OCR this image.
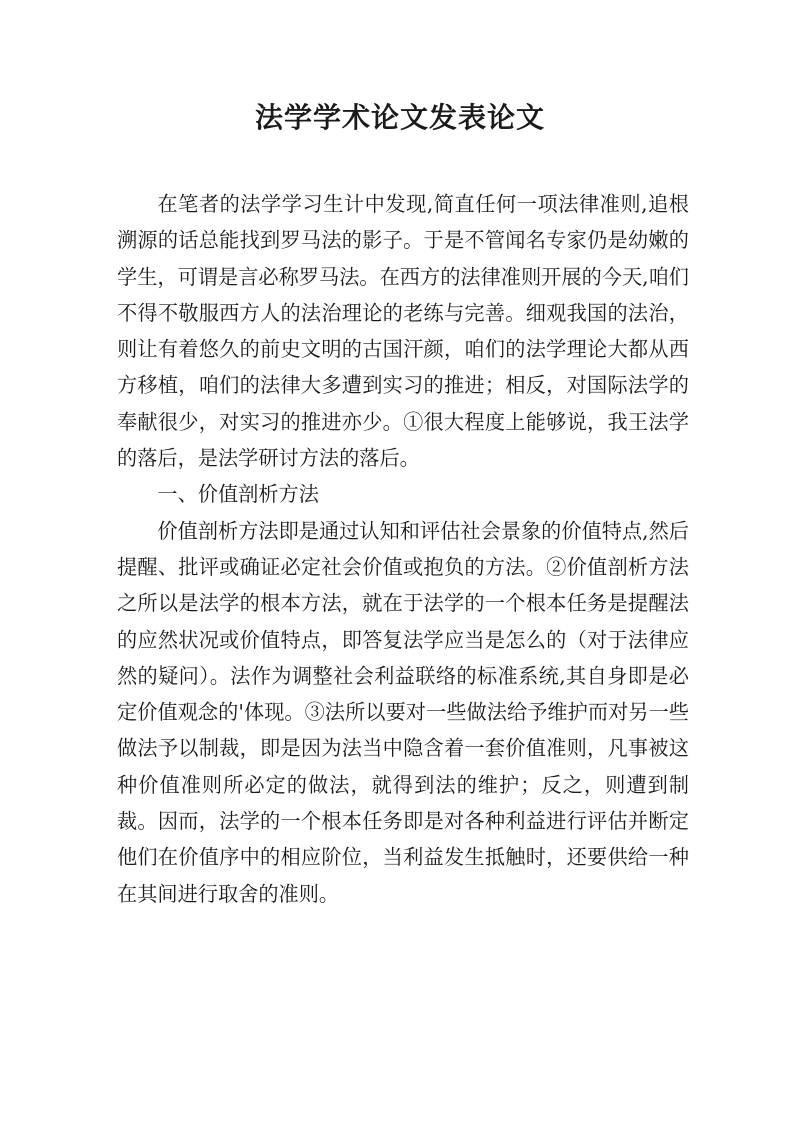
法学学术论文发表论文

在笔者的法学学习生计中发现,简直任何一项法律准则,追根溯源的话总能找到罗马法的影子。于是不管闻名专家仍是幼嫩的学生，可谓是言必称罗马法。在西方的法律准则开展的今天,咱们不得不敬服西方人的法治理论的老练与完善。细观我国的法治，则让有着悠久的前史文明的古国汗颜，咱们的法学理论大都从西方移植，咱们的法律大多遭到实习的推进；相反，对国际法学的奉献很少，对实习的推进亦少。①很大程度上能够说，我王法学的落后，是法学研讨方法的落后。

一、价值剖析方法

价值剖析方法即是通过认知和评估社会景象的价值特点,然后提醒、批评或确证必定社会价值或抱负的方法。②价值剖析方法之所以是法学的根本方法，就在于法学的一个根本任务是提醒法的应然状况或价值特点，即答复法学应当是怎么的（对于法律应然的疑问）。法作为调整社会利益联络的标准系统,其自身即是必定价值观念的'体现。③法所以要对一些做法给予维护而对另一些做法予以制裁，即是因为法当中隐含着一套价值准则，凡事被这种价值准则所必定的做法，就得到法的维护；反之，则遭到制裁。因而，法学的一个根本任务即是对各种利益进行评估并断定他们在价值序中的相应阶位，当利益发生抵触时，还要供给一种在其间进行取舍的准则。
